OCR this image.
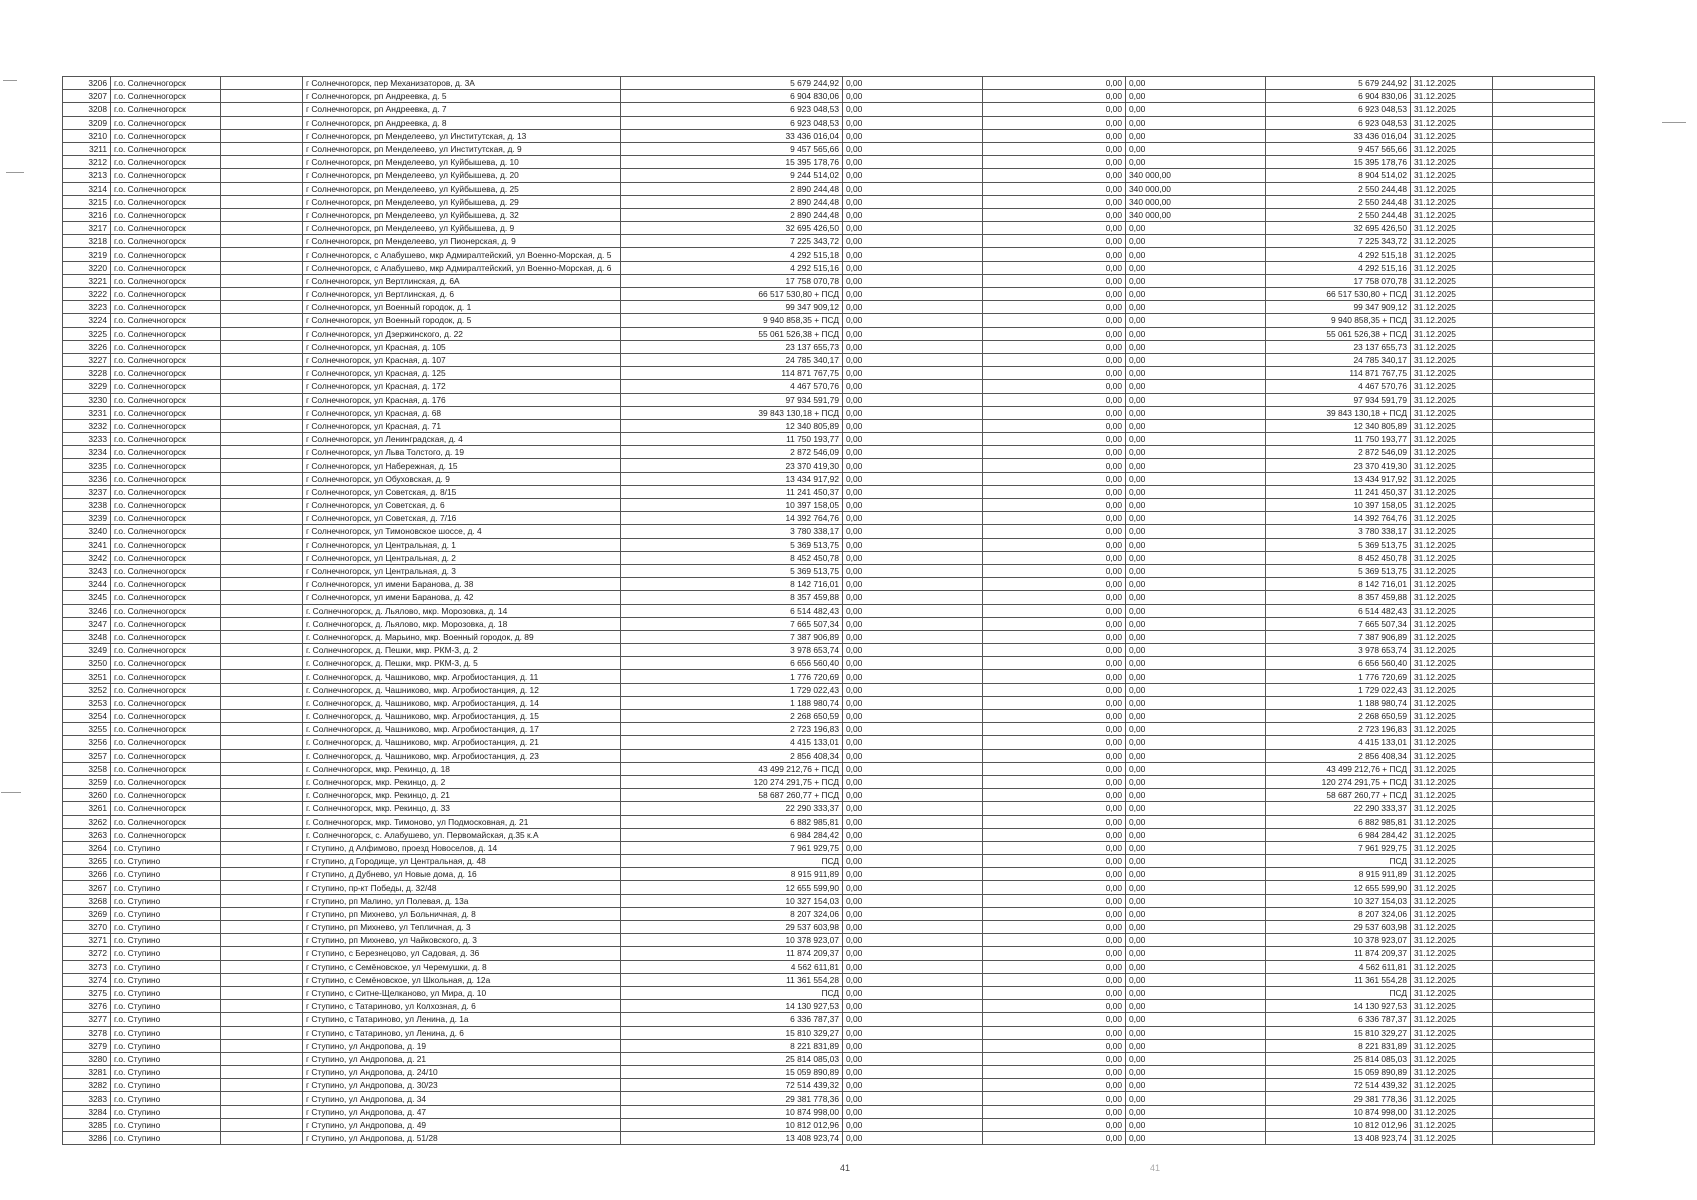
3206	г.о. Солнечногорск		г Солнечногорск, пер Механизаторов, д. 3А	5 679 244,92	0,00	0,00	0,00	5 679 244,92	31.12.2025	
3207	г.о. Солнечногорск		г Солнечногорск, рп Андреевка, д. 5	6 904 830,06	0,00	0,00	0,00	6 904 830,06	31.12.2025	
3208	г.о. Солнечногорск		г Солнечногорск, рп Андреевка, д. 7	6 923 048,53	0,00	0,00	0,00	6 923 048,53	31.12.2025	
3209	г.о. Солнечногорск		г Солнечногорск, рп Андреевка, д. 8	6 923 048,53	0,00	0,00	0,00	6 923 048,53	31.12.2025	
3210	г.о. Солнечногорск		г Солнечногорск, рп Менделеево, ул Институтская, д. 13	33 436 016,04	0,00	0,00	0,00	33 436 016,04	31.12.2025	
3211	г.о. Солнечногорск		г Солнечногорск, рп Менделеево, ул Институтская, д. 9	9 457 565,66	0,00	0,00	0,00	9 457 565,66	31.12.2025	
3212	г.о. Солнечногорск		г Солнечногорск, рп Менделеево, ул Куйбышева, д. 10	15 395 178,76	0,00	0,00	0,00	15 395 178,76	31.12.2025	
3213	г.о. Солнечногорск		г Солнечногорск, рп Менделеево, ул Куйбышева, д. 20	9 244 514,02	0,00	0,00	340 000,00	8 904 514,02	31.12.2025	
3214	г.о. Солнечногорск		г Солнечногорск, рп Менделеево, ул Куйбышева, д. 25	2 890 244,48	0,00	0,00	340 000,00	2 550 244,48	31.12.2025	
3215	г.о. Солнечногорск		г Солнечногорск, рп Менделеево, ул Куйбышева, д. 29	2 890 244,48	0,00	0,00	340 000,00	2 550 244,48	31.12.2025	
3216	г.о. Солнечногорск		г Солнечногорск, рп Менделеево, ул Куйбышева, д. 32	2 890 244,48	0,00	0,00	340 000,00	2 550 244,48	31.12.2025	
3217	г.о. Солнечногорск		г Солнечногорск, рп Менделеево, ул Куйбышева, д. 9	32 695 426,50	0,00	0,00	0,00	32 695 426,50	31.12.2025	
3218	г.о. Солнечногорск		г Солнечногорск, рп Менделеево, ул Пионерская, д. 9	7 225 343,72	0,00	0,00	0,00	7 225 343,72	31.12.2025	
3219	г.о. Солнечногорск		г Солнечногорск, с Алабушево, мкр Адмиралтейский, ул Военно-Морская, д. 5	4 292 515,18	0,00	0,00	0,00	4 292 515,18	31.12.2025	
3220	г.о. Солнечногорск		г Солнечногорск, с Алабушево, мкр Адмиралтейский, ул Военно-Морская, д. 6	4 292 515,16	0,00	0,00	0,00	4 292 515,16	31.12.2025	
3221	г.о. Солнечногорск		г Солнечногорск, ул Вертлинская, д. 6А	17 758 070,78	0,00	0,00	0,00	17 758 070,78	31.12.2025	
3222	г.о. Солнечногорск		г Солнечногорск, ул Вертлинская, д. 6	66 517 530,80 + ПСД	0,00	0,00	0,00	66 517 530,80 + ПСД	31.12.2025	
3223	г.о. Солнечногорск		г Солнечногорск, ул Военный городок, д. 1	99 347 909,12	0,00	0,00	0,00	99 347 909,12	31.12.2025	
3224	г.о. Солнечногорск		г Солнечногорск, ул Военный городок, д. 5	9 940 858,35 + ПСД	0,00	0,00	0,00	9 940 858,35 + ПСД	31.12.2025	
3225	г.о. Солнечногорск		г Солнечногорск, ул Дзержинского, д. 22	55 061 526,38 + ПСД	0,00	0,00	0,00	55 061 526,38 + ПСД	31.12.2025	
3226	г.о. Солнечногорск		г Солнечногорск, ул Красная, д. 105	23 137 655,73	0,00	0,00	0,00	23 137 655,73	31.12.2025	
3227	г.о. Солнечногорск		г Солнечногорск, ул Красная, д. 107	24 785 340,17	0,00	0,00	0,00	24 785 340,17	31.12.2025	
3228	г.о. Солнечногорск		г Солнечногорск, ул Красная, д. 125	114 871 767,75	0,00	0,00	0,00	114 871 767,75	31.12.2025	
3229	г.о. Солнечногорск		г Солнечногорск, ул Красная, д. 172	4 467 570,76	0,00	0,00	0,00	4 467 570,76	31.12.2025	
3230	г.о. Солнечногорск		г Солнечногорск, ул Красная, д. 176	97 934 591,79	0,00	0,00	0,00	97 934 591,79	31.12.2025	
3231	г.о. Солнечногорск		г Солнечногорск, ул Красная, д. 68	39 843 130,18 + ПСД	0,00	0,00	0,00	39 843 130,18 + ПСД	31.12.2025	
3232	г.о. Солнечногорск		г Солнечногорск, ул Красная, д. 71	12 340 805,89	0,00	0,00	0,00	12 340 805,89	31.12.2025	
3233	г.о. Солнечногорск		г Солнечногорск, ул Ленинградская, д. 4	11 750 193,77	0,00	0,00	0,00	11 750 193,77	31.12.2025	
3234	г.о. Солнечногорск		г Солнечногорск, ул Льва Толстого, д. 19	2 872 546,09	0,00	0,00	0,00	2 872 546,09	31.12.2025	
3235	г.о. Солнечногорск		г Солнечногорск, ул Набережная, д. 15	23 370 419,30	0,00	0,00	0,00	23 370 419,30	31.12.2025	
3236	г.о. Солнечногорск		г Солнечногорск, ул Обуховская, д. 9	13 434 917,92	0,00	0,00	0,00	13 434 917,92	31.12.2025	
3237	г.о. Солнечногорск		г Солнечногорск, ул Советская, д. 8/15	11 241 450,37	0,00	0,00	0,00	11 241 450,37	31.12.2025	
3238	г.о. Солнечногорск		г Солнечногорск, ул Советская, д. 6	10 397 158,05	0,00	0,00	0,00	10 397 158,05	31.12.2025	
3239	г.о. Солнечногорск		г Солнечногорск, ул Советская, д. 7/16	14 392 764,76	0,00	0,00	0,00	14 392 764,76	31.12.2025	
3240	г.о. Солнечногорск		г Солнечногорск, ул Тимоновское шоссе, д. 4	3 780 338,17	0,00	0,00	0,00	3 780 338,17	31.12.2025	
3241	г.о. Солнечногорск		г Солнечногорск, ул Центральная, д. 1	5 369 513,75	0,00	0,00	0,00	5 369 513,75	31.12.2025	
3242	г.о. Солнечногорск		г Солнечногорск, ул Центральная, д. 2	8 452 450,78	0,00	0,00	0,00	8 452 450,78	31.12.2025	
3243	г.о. Солнечногорск		г Солнечногорск, ул Центральная, д. 3	5 369 513,75	0,00	0,00	0,00	5 369 513,75	31.12.2025	
3244	г.о. Солнечногорск		г Солнечногорск, ул имени Баранова, д. 38	8 142 716,01	0,00	0,00	0,00	8 142 716,01	31.12.2025	
3245	г.о. Солнечногорск		г Солнечногорск, ул имени Баранова, д. 42	8 357 459,88	0,00	0,00	0,00	8 357 459,88	31.12.2025	
3246	г.о. Солнечногорск		г. Солнечногорск, д. Льялово, мкр. Морозовка, д. 14	6 514 482,43	0,00	0,00	0,00	6 514 482,43	31.12.2025	
3247	г.о. Солнечногорск		г. Солнечногорск, д. Льялово, мкр. Морозовка, д. 18	7 665 507,34	0,00	0,00	0,00	7 665 507,34	31.12.2025	
3248	г.о. Солнечногорск		г. Солнечногорск, д. Марьино, мкр. Военный городок, д. 89	7 387 906,89	0,00	0,00	0,00	7 387 906,89	31.12.2025	
3249	г.о. Солнечногорск		г. Солнечногорск, д. Пешки, мкр. РКМ-3, д. 2	3 978 653,74	0,00	0,00	0,00	3 978 653,74	31.12.2025	
3250	г.о. Солнечногорск		г. Солнечногорск, д. Пешки, мкр. РКМ-3, д. 5	6 656 560,40	0,00	0,00	0,00	6 656 560,40	31.12.2025	
3251	г.о. Солнечногорск		г. Солнечногорск, д. Чашниково, мкр. Агробиостанция, д. 11	1 776 720,69	0,00	0,00	0,00	1 776 720,69	31.12.2025	
3252	г.о. Солнечногорск		г. Солнечногорск, д. Чашниково, мкр. Агробиостанция, д. 12	1 729 022,43	0,00	0,00	0,00	1 729 022,43	31.12.2025	
3253	г.о. Солнечногорск		г. Солнечногорск, д. Чашниково, мкр. Агробиостанция, д. 14	1 188 980,74	0,00	0,00	0,00	1 188 980,74	31.12.2025	
3254	г.о. Солнечногорск		г. Солнечногорск, д. Чашниково, мкр. Агробиостанция, д. 15	2 268 650,59	0,00	0,00	0,00	2 268 650,59	31.12.2025	
3255	г.о. Солнечногорск		г. Солнечногорск, д. Чашниково, мкр. Агробиостанция, д. 17	2 723 196,83	0,00	0,00	0,00	2 723 196,83	31.12.2025	
3256	г.о. Солнечногорск		г. Солнечногорск, д. Чашниково, мкр. Агробиостанция, д. 21	4 415 133,01	0,00	0,00	0,00	4 415 133,01	31.12.2025	
3257	г.о. Солнечногорск		г. Солнечногорск, д. Чашниково, мкр. Агробиостанция, д. 23	2 856 408,34	0,00	0,00	0,00	2 856 408,34	31.12.2025	
3258	г.о. Солнечногорск		г. Солнечногорск, мкр. Рекинцо, д. 18	43 499 212,76 + ПСД	0,00	0,00	0,00	43 499 212,76 + ПСД	31.12.2025	
3259	г.о. Солнечногорск		г. Солнечногорск, мкр. Рекинцо, д. 2	120 274 291,75 + ПСД	0,00	0,00	0,00	120 274 291,75 + ПСД	31.12.2025	
3260	г.о. Солнечногорск		г. Солнечногорск, мкр. Рекинцо, д. 21	58 687 260,77 + ПСД	0,00	0,00	0,00	58 687 260,77 + ПСД	31.12.2025	
3261	г.о. Солнечногорск		г. Солнечногорск, мкр. Рекинцо, д. 33	22 290 333,37	0,00	0,00	0,00	22 290 333,37	31.12.2025	
3262	г.о. Солнечногорск		г. Солнечногорск, мкр. Тимоново, ул Подмосковная, д. 21	6 882 985,81	0,00	0,00	0,00	6 882 985,81	31.12.2025	
3263	г.о. Солнечногорск		г. Солнечногорск, с. Алабушево, ул. Первомайская, д.35 к.А	6 984 284,42	0,00	0,00	0,00	6 984 284,42	31.12.2025	
3264	г.о. Ступино		г Ступино, д Алфимово, проезд Новоселов, д. 14	7 961 929,75	0,00	0,00	0,00	7 961 929,75	31.12.2025	
3265	г.о. Ступино		г Ступино, д Городище, ул Центральная, д. 48	ПСД	0,00	0,00	0,00	ПСД	31.12.2025	
3266	г.о. Ступино		г Ступино, д Дубнево, ул Новые дома, д. 16	8 915 911,89	0,00	0,00	0,00	8 915 911,89	31.12.2025	
3267	г.о. Ступино		г Ступино, пр-кт Победы, д. 32/48	12 655 599,90	0,00	0,00	0,00	12 655 599,90	31.12.2025	
3268	г.о. Ступино		г Ступино, рп Малино, ул Полевая, д. 13а	10 327 154,03	0,00	0,00	0,00	10 327 154,03	31.12.2025	
3269	г.о. Ступино		г Ступино, рп Михнево, ул Больничная, д. 8	8 207 324,06	0,00	0,00	0,00	8 207 324,06	31.12.2025	
3270	г.о. Ступино		г Ступино, рп Михнево, ул Тепличная, д. 3	29 537 603,98	0,00	0,00	0,00	29 537 603,98	31.12.2025	
3271	г.о. Ступино		г Ступино, рп Михнево, ул Чайковского, д. 3	10 378 923,07	0,00	0,00	0,00	10 378 923,07	31.12.2025	
3272	г.о. Ступино		г Ступино, с Березнецово, ул Садовая, д. 36	11 874 209,37	0,00	0,00	0,00	11 874 209,37	31.12.2025	
3273	г.о. Ступино		г Ступино, с Семёновское, ул Черемушки, д. 8	4 562 611,81	0,00	0,00	0,00	4 562 611,81	31.12.2025	
3274	г.о. Ступино		г Ступино, с Семёновское, ул Школьная, д. 12а	11 361 554,28	0,00	0,00	0,00	11 361 554,28	31.12.2025	
3275	г.о. Ступино		г Ступино, с Ситне-Щелканово, ул Мира, д. 10	ПСД	0,00	0,00	0,00	ПСД	31.12.2025	
3276	г.о. Ступино		г Ступино, с Татариново, ул Колхозная, д. 6	14 130 927,53	0,00	0,00	0,00	14 130 927,53	31.12.2025	
3277	г.о. Ступино		г Ступино, с Татариново, ул Ленина, д. 1а	6 336 787,37	0,00	0,00	0,00	6 336 787,37	31.12.2025	
3278	г.о. Ступино		г Ступино, с Татариново, ул Ленина, д. 6	15 810 329,27	0,00	0,00	0,00	15 810 329,27	31.12.2025	
3279	г.о. Ступино		г Ступино, ул Андропова, д. 19	8 221 831,89	0,00	0,00	0,00	8 221 831,89	31.12.2025	
3280	г.о. Ступино		г Ступино, ул Андропова, д. 21	25 814 085,03	0,00	0,00	0,00	25 814 085,03	31.12.2025	
3281	г.о. Ступино		г Ступино, ул Андропова, д. 24/10	15 059 890,89	0,00	0,00	0,00	15 059 890,89	31.12.2025	
3282	г.о. Ступино		г Ступино, ул Андропова, д. 30/23	72 514 439,32	0,00	0,00	0,00	72 514 439,32	31.12.2025	
3283	г.о. Ступино		г Ступино, ул Андропова, д. 34	29 381 778,36	0,00	0,00	0,00	29 381 778,36	31.12.2025	
3284	г.о. Ступино		г Ступино, ул Андропова, д. 47	10 874 998,00	0,00	0,00	0,00	10 874 998,00	31.12.2025	
3285	г.о. Ступино		г Ступино, ул Андропова, д. 49	10 812 012,96	0,00	0,00	0,00	10 812 012,96	31.12.2025	
3286	г.о. Ступино		г Ступино, ул Андропова, д. 51/28	13 408 923,74	0,00	0,00	0,00	13 408 923,74	31.12.2025	
41	41
